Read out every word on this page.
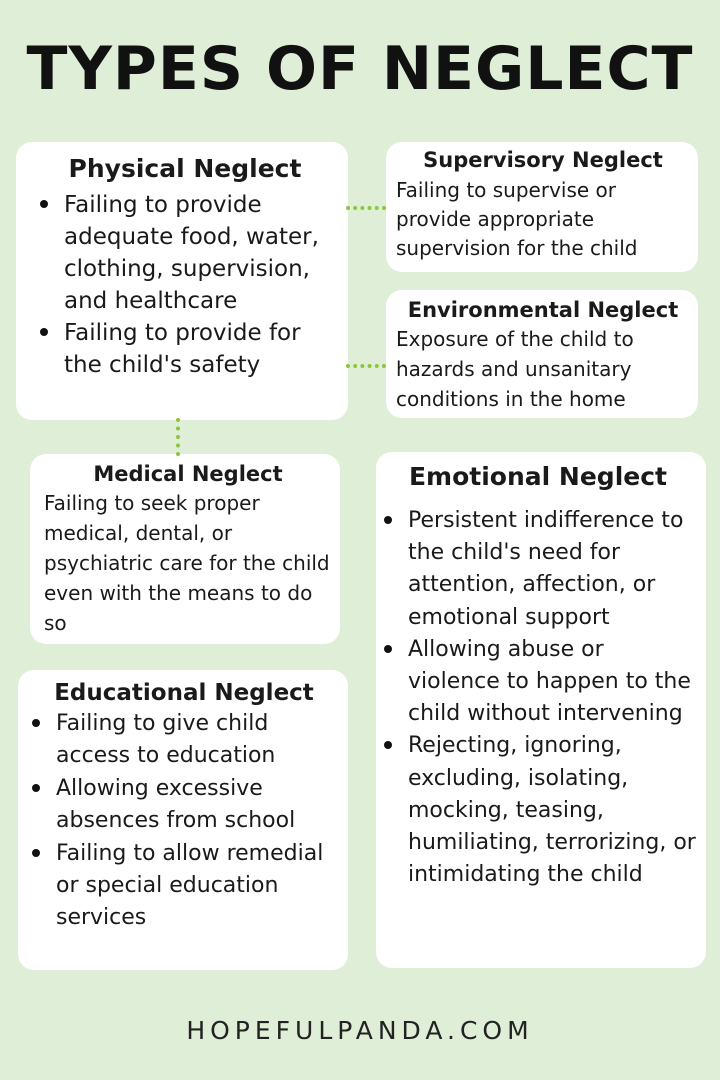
TYPES OF NEGLECT
Physical Neglect
Failing to provide adequate food, water, clothing, supervision, and healthcare
Failing to provide for the child's safety
Supervisory Neglect

Failing to supervise or provide appropriate supervision for the child

Environmental Neglect

Exposure of the child to hazards and unsanitary conditions in the home

Medical Neglect

Failing to seek proper medical, dental, or psychiatric care for the child even with the means to do so

Emotional Neglect
Persistent indifference to the child's need for attention, affection, or emotional support
Allowing abuse or violence to happen to the child without intervening
Rejecting, ignoring, excluding, isolating, mocking, teasing, humiliating, terrorizing, or intimidating the child
Educational Neglect
Failing to give child access to education
Allowing excessive absences from school
Failing to allow remedial or special education services
HOPEFULPANDA.COM
